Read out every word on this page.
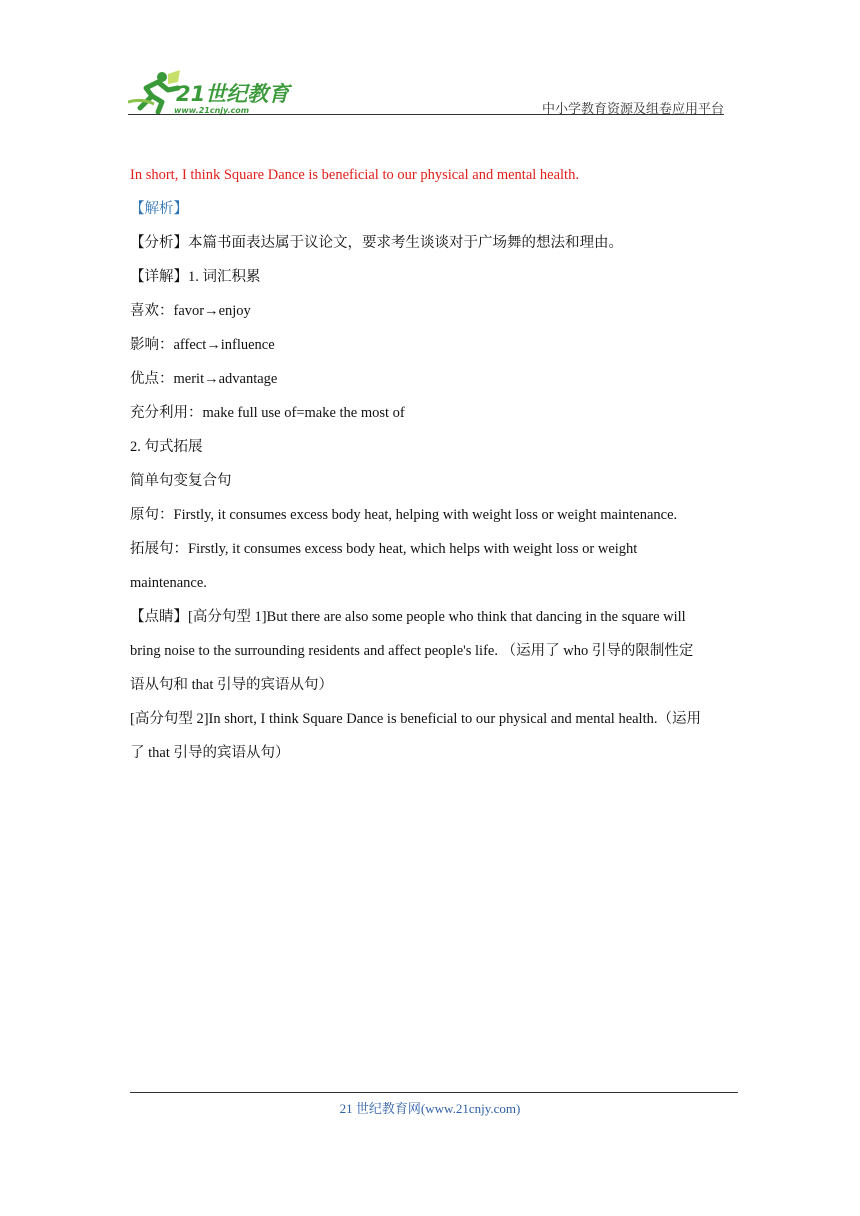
21世纪教育
www.21cnjy.com	中小学教育资源及组卷应用平台
In short, I think Square Dance is beneficial to our physical and mental health.
【解析】
【分析】本篇书面表达属于议论文，要求考生谈谈对于广场舞的想法和理由。
【详解】1. 词汇积累
喜欢：favor→enjoy
影响：affect→influence
优点：merit→advantage
充分利用：make full use of=make the most of
2. 句式拓展
简单句变复合句
原句：Firstly, it consumes excess body heat, helping with weight loss or weight maintenance.
拓展句：Firstly, it consumes excess body heat, which helps with weight loss or weight
maintenance.
【点睛】[高分句型 1]But there are also some people who think that dancing in the square will
bring noise to the surrounding residents and affect people's life. （运用了 who 引导的限制性定
语从句和 that 引导的宾语从句）
[高分句型 2]In short, I think Square Dance is beneficial to our physical and mental health.（运用
了 that 引导的宾语从句）
21 世纪教育网(www.21cnjy.com)
